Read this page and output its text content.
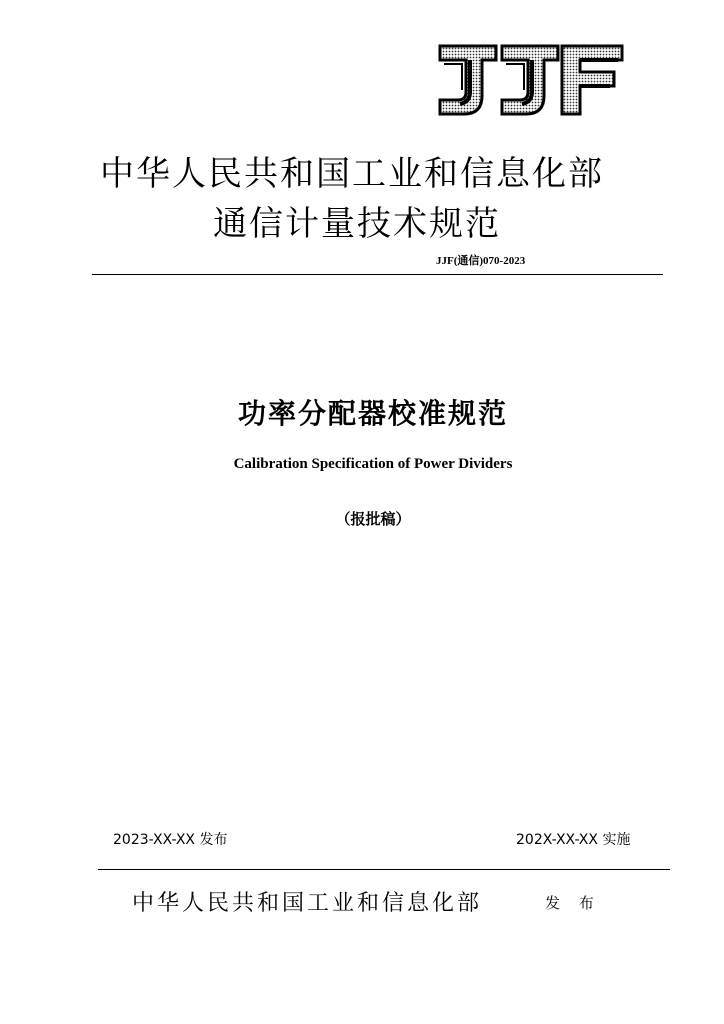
中华人民共和国工业和信息化部
通信计量技术规范
JJF(通信)070-2023
功率分配器校准规范
Calibration Specification of Power Dividers
（报批稿）
2023-XX-XX 发布	202X-XX-XX 实施
中华人民共和国工业和信息化部	发 布
